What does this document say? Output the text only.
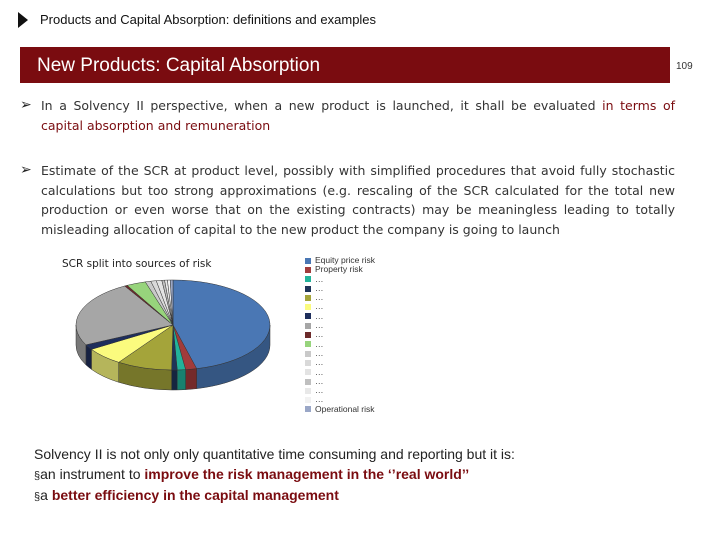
Products and Capital Absorption: definitions and examples
New Products: Capital Absorption	109
➢ In a Solvency II perspective, when a new product is launched, it shall be evaluated in terms of capital absorption and remuneration
➢ Estimate of the SCR at product level, possibly with simplified procedures that avoid fully stochastic calculations but too strong approximations (e.g. rescaling of the SCR calculated for the total new production or even worse that on the existing contracts) may be meaningless leading to totally misleading allocation of capital to the new product the company is going to launch
SCR split into sources of risk	Equity price risk
Property risk
…
…
…
…
…
…
…
…
…
…
…
…
…
…
Operational risk
Solvency II is not only only quantitative time consuming and reporting but it is:
§an instrument to improve the risk management in the ‘’real world’’
§a better efficiency in the capital management
